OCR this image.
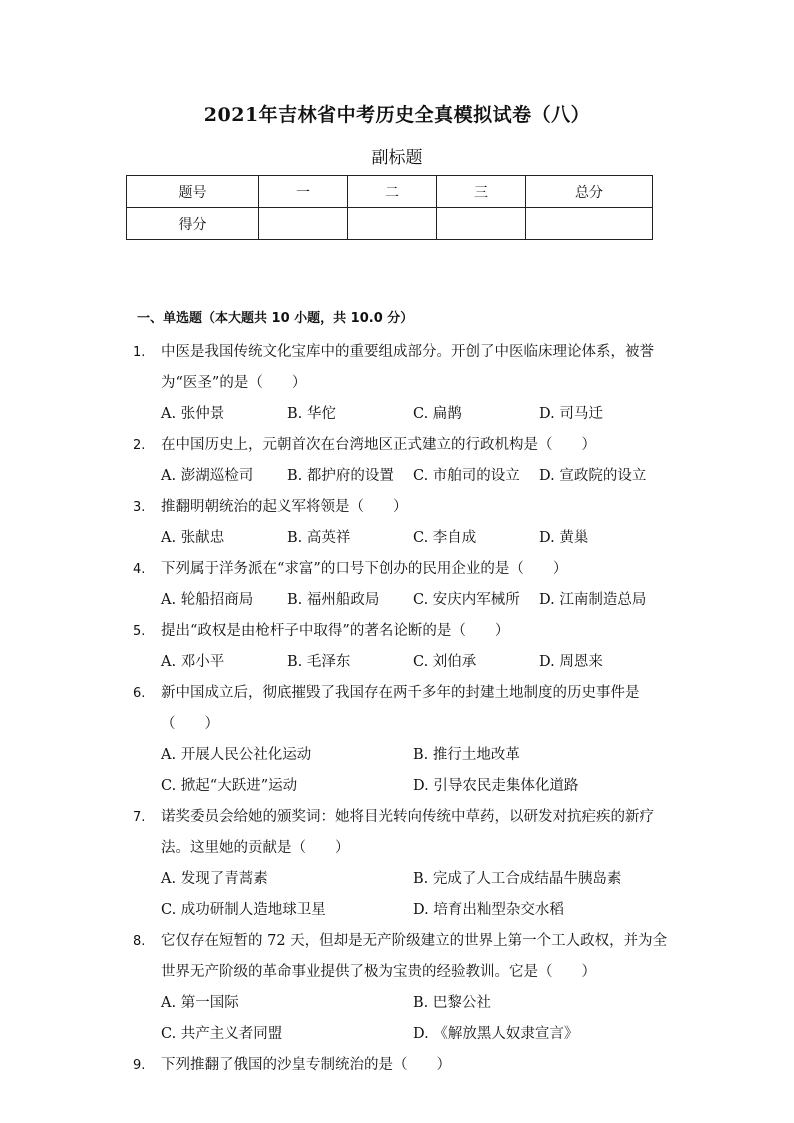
2021年吉林省中考历史全真模拟试卷（八）
副标题
题号	一	二	三	总分
得分				
一、单选题（本大题共 10 小题，共 10.0 分）
1. 中医是我国传统文化宝库中的重要组成部分。开创了中医临床理论体系，被誉为“医圣”的是（　　）
A. 张仲景	B. 华佗	C. 扁鹊	D. 司马迁
2. 在中国历史上，元朝首次在台湾地区正式建立的行政机构是（　　）
A. 澎湖巡检司 B. 都护府的设置 C. 市舶司的设立 D. 宣政院的设立
3. 推翻明朝统治的起义军将领是（　　）
A. 张献忠	B. 高英祥	C. 李自成	D. 黄巢
4. 下列属于洋务派在“求富”的口号下创办的民用企业的是（　　）
A. 轮船招商局 B. 福州船政局 C. 安庆内军械所 D. 江南制造总局
5. 提出“政权是由枪杆子中取得”的著名论断的是（　　）
A. 邓小平	B. 毛泽东	C. 刘伯承	D. 周恩来
6. 新中国成立后，彻底摧毁了我国存在两千多年的封建土地制度的历史事件是（　　）
A. 开展人民公社化运动	B. 推行土地改革
C. 掀起“大跃进”运动	D. 引导农民走集体化道路
7. 诺奖委员会给她的颁奖词：她将目光转向传统中草药，以研发对抗疟疾的新疗法。这里她的贡献是（　　）
A. 发现了青蒿素	B. 完成了人工合成结晶牛胰岛素
C. 成功研制人造地球卫星	D. 培育出籼型杂交水稻
8. 它仅存在短暂的 72 天，但却是无产阶级建立的世界上第一个工人政权，并为全世界无产阶级的革命事业提供了极为宝贵的经验教训。它是（　　）
A. 第一国际	B. 巴黎公社
C. 共产主义者同盟	D. 《解放黑人奴隶宣言》
9. 下列推翻了俄国的沙皇专制统治的是（　　）
